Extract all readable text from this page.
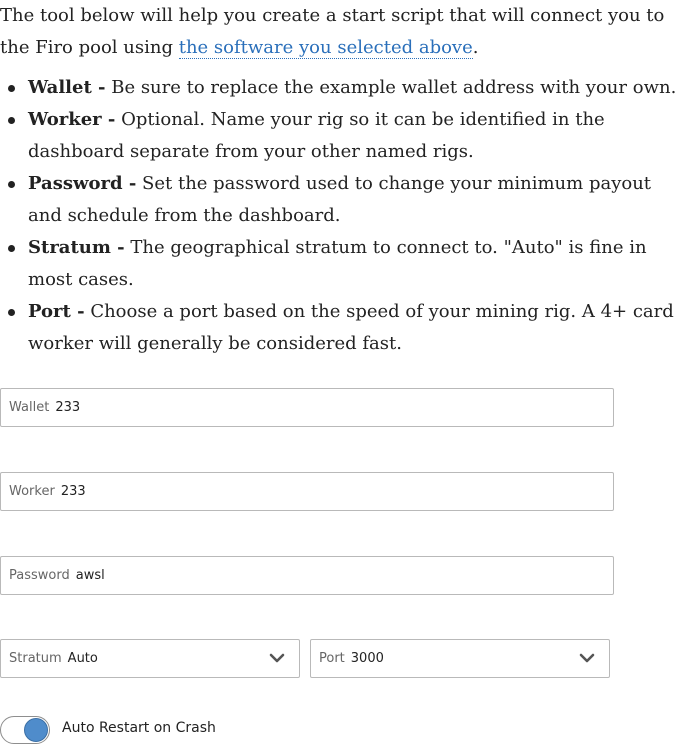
The tool below will help you create a start script that will connect you to the Firo pool using the software you selected above.

Wallet - Be sure to replace the example wallet address with your own.
Worker - Optional. Name your rig so it can be identified in the dashboard separate from your other named rigs.
Password - Set the password used to change your minimum payout and schedule from the dashboard.
Stratum - The geographical stratum to connect to. "Auto" is fine in most cases.
Port - Choose a port based on the speed of your mining rig. A 4+ card worker will generally be considered fast.
Wallet 233
Worker 233
Password awsl
Stratum Auto	Port 3000
Auto Restart on Crash
